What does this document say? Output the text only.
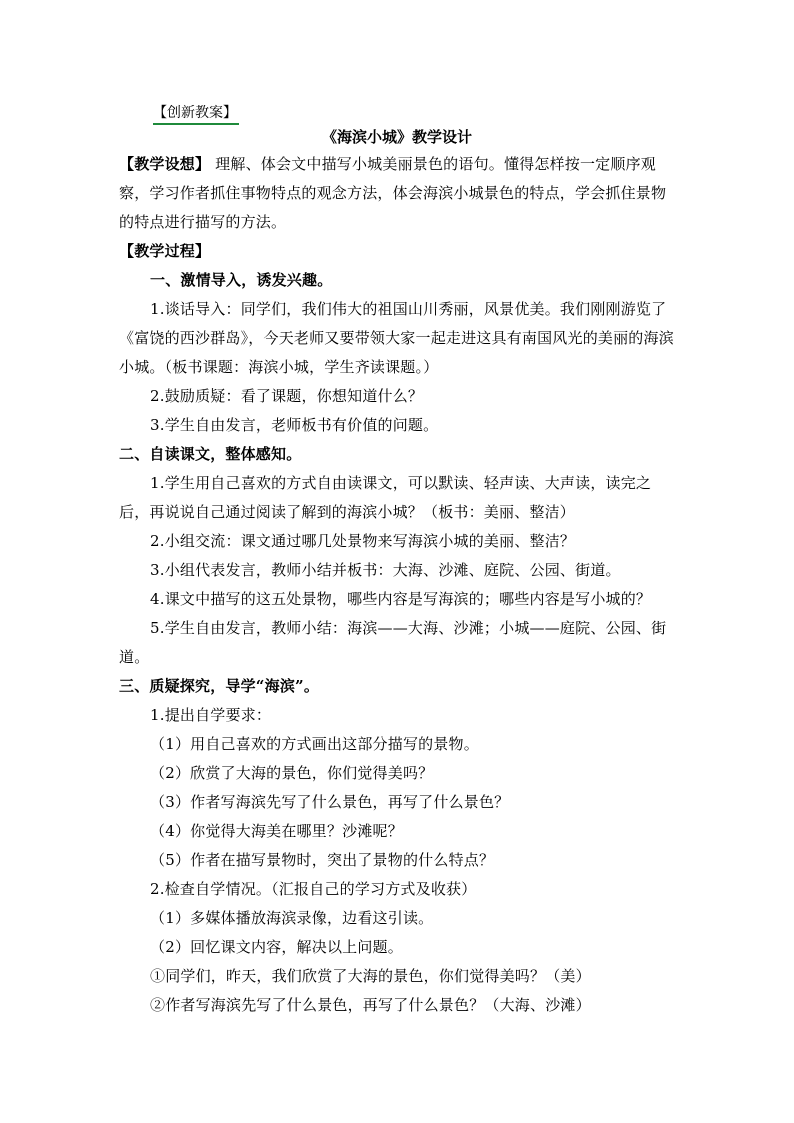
【创新教案】
《海滨小城》教学设计

【教学设想】 理解、体会文中描写小城美丽景色的语句。懂得怎样按一定顺序观察，学习作者抓住事物特点的观念方法，体会海滨小城景色的特点，学会抓住景物的特点进行描写的方法。

【教学过程】

一、激情导入，诱发兴趣。

1.谈话导入：同学们，我们伟大的祖国山川秀丽，风景优美。我们刚刚游览了《富饶的西沙群岛》，今天老师又要带领大家一起走进这具有南国风光的美丽的海滨小城。（板书课题：海滨小城，学生齐读课题。）

2.鼓励质疑：看了课题，你想知道什么？

3.学生自由发言，老师板书有价值的问题。

二、自读课文，整体感知。

1.学生用自己喜欢的方式自由读课文，可以默读、轻声读、大声读，读完之后，再说说自己通过阅读了解到的海滨小城？（板书：美丽、整洁）

2.小组交流：课文通过哪几处景物来写海滨小城的美丽、整洁？

3.小组代表发言，教师小结并板书：大海、沙滩、庭院、公园、街道。

4.课文中描写的这五处景物，哪些内容是写海滨的；哪些内容是写小城的？

5.学生自由发言，教师小结：海滨——大海、沙滩；小城——庭院、公园、街道。

三、质疑探究，导学“海滨”。

1.提出自学要求：

（1）用自己喜欢的方式画出这部分描写的景物。

（2）欣赏了大海的景色，你们觉得美吗？

（3）作者写海滨先写了什么景色，再写了什么景色？

（4）你觉得大海美在哪里？沙滩呢？

（5）作者在描写景物时，突出了景物的什么特点？

2.检查自学情况。（汇报自己的学习方式及收获）

（1）多媒体播放海滨录像，边看这引读。

（2）回忆课文内容，解决以上问题。

①同学们，昨天，我们欣赏了大海的景色，你们觉得美吗？（美）

②作者写海滨先写了什么景色，再写了什么景色？（大海、沙滩）
